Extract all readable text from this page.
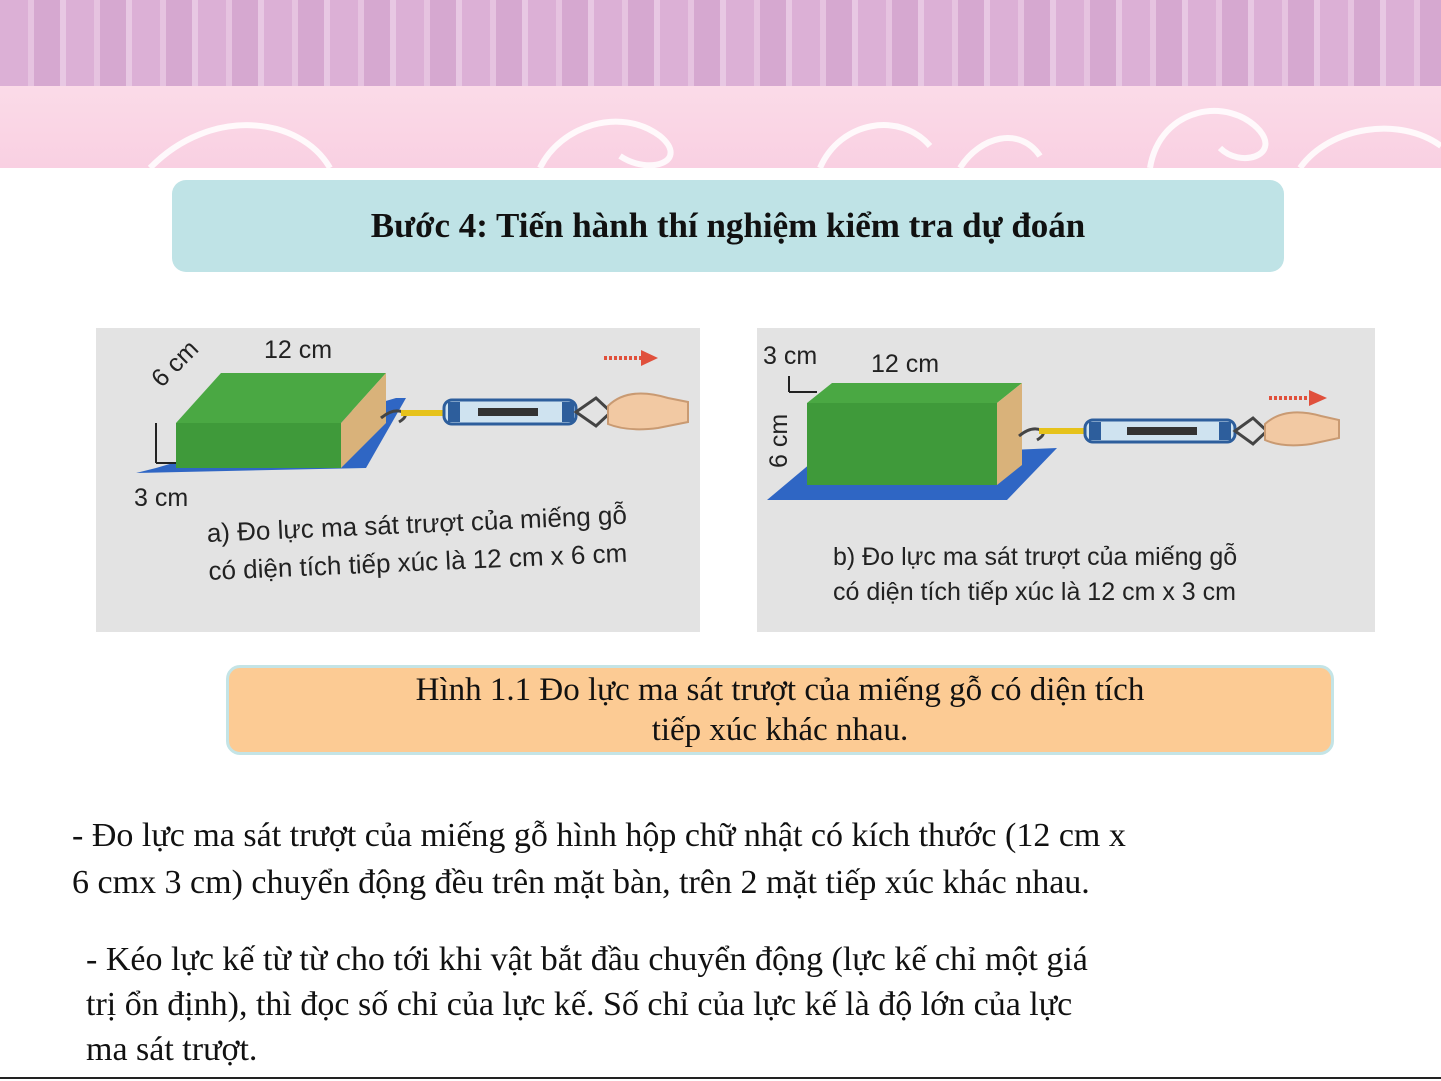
Bước 4: Tiến hành thí nghiệm kiểm tra dự đoán
12 cm
6 cm
3 cm
a) Đo lực ma sát trượt của miếng gỗ
có diện tích tiếp xúc là 12 cm x 6 cm
3 cm 12 cm
6 cm
b) Đo lực ma sát trượt của miếng gỗ
có diện tích tiếp xúc là 12 cm x 3 cm
Hình 1.1 Đo lực ma sát trượt của miếng gỗ có diện tích
tiếp xúc khác nhau.
- Đo lực ma sát trượt của miếng gỗ hình hộp chữ nhật có kích thước (12 cm x
6 cmx 3 cm) chuyển động đều trên mặt bàn, trên 2 mặt tiếp xúc khác nhau.
- Kéo lực kế từ từ cho tới khi vật bắt đầu chuyển động (lực kế chỉ một giá
trị ổn định), thì đọc số chỉ của lực kế. Số chỉ của lực kế là độ lớn của lực
ma sát trượt.
